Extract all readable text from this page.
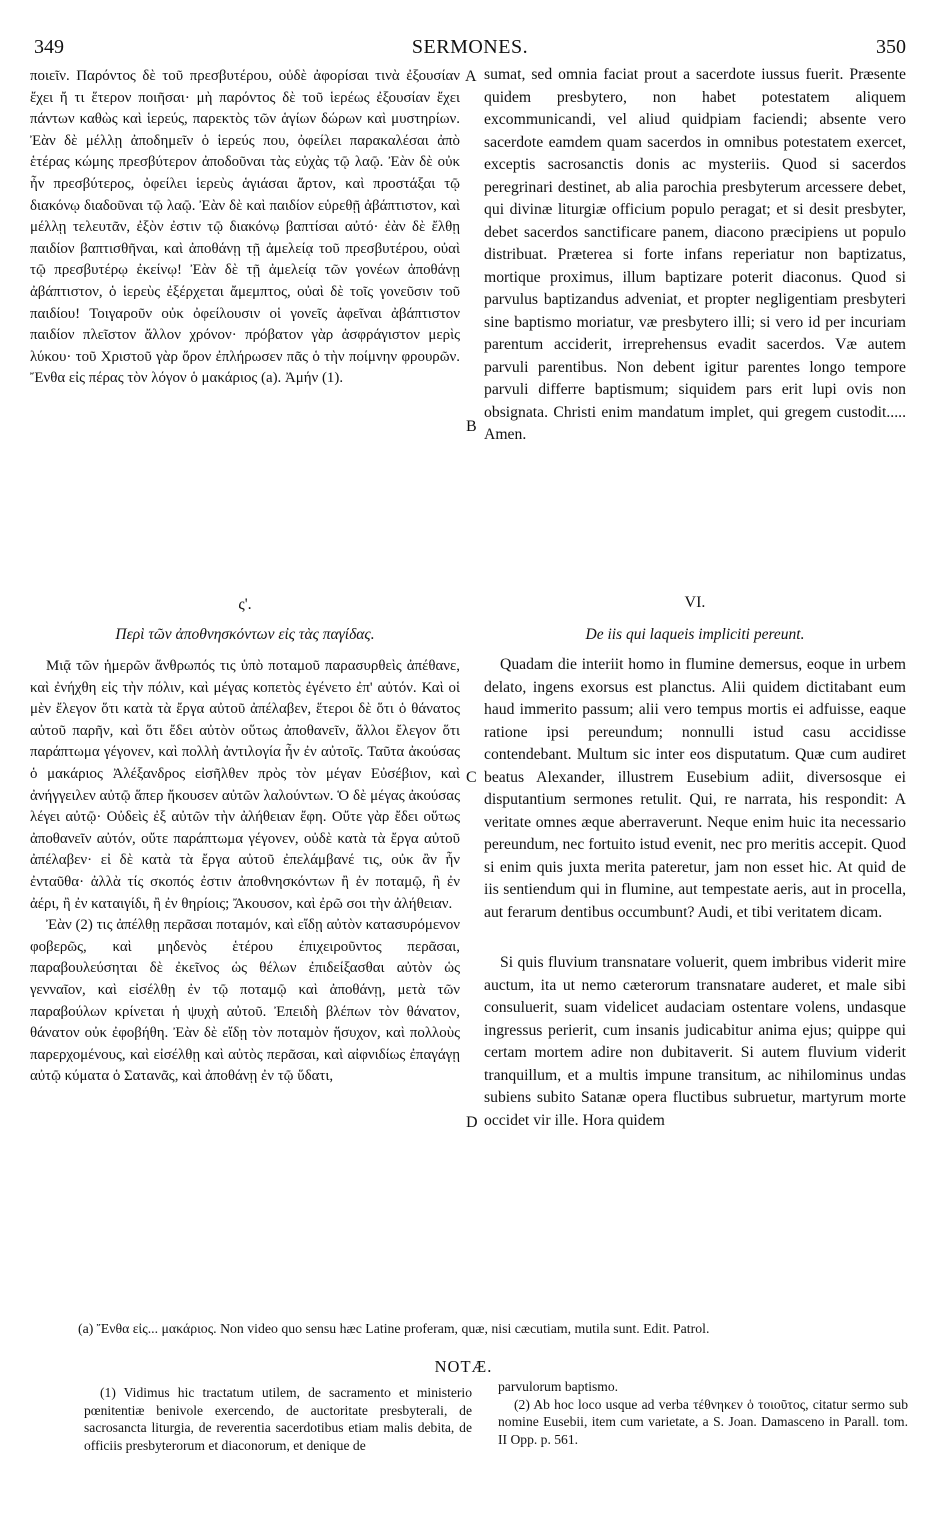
349	SERMONES.	350

ποιεῖν. Παρόντος δὲ τοῦ πρεσβυτέρου, οὐδὲ ἀφορίσαι τινὰ ἐξουσίαν ἔχει ἤ τι ἕτερον ποιῆσαι· μὴ παρόντος δὲ τοῦ ἱερέως ἐξουσίαν ἔχει πάντων καθὼς καὶ ἱερεύς, παρεκτὸς τῶν ἁγίων δώρων καὶ μυστηρίων. Ἐὰν δὲ μέλλῃ ἀποδημεῖν ὁ ἱερεύς που, ὀφείλει παρακαλέσαι ἀπὸ ἑτέρας κώμης πρεσβύτερον ἀποδοῦναι τὰς εὐχὰς τῷ λαῷ. Ἐὰν δὲ οὐκ ἦν πρεσβύτερος, ὀφείλει ἱερεὺς ἁγιάσαι ἄρτον, καὶ προστάξαι τῷ διακόνῳ διαδοῦναι τῷ λαῷ. Ἐὰν δὲ καὶ παιδίον εὑρεθῇ ἀβάπτιστον, καὶ μέλλῃ τελευτᾶν, ἐξὸν ἐστιν τῷ διακόνῳ βαπτίσαι αὐτό· ἐὰν δὲ ἔλθῃ παιδίον βαπτισθῆναι, καὶ ἀποθάνῃ τῇ ἀμελείᾳ τοῦ πρεσβυτέρου, οὐαὶ τῷ πρεσβυτέρῳ ἐκείνῳ! Ἐὰν δὲ τῇ ἀμελείᾳ τῶν γονέων ἀποθάνῃ ἀβάπτιστον, ὁ ἱερεὺς ἐξέρχεται ἄμεμπτος, οὐαὶ δὲ τοῖς γονεῦσιν τοῦ παιδίου! Τοιγαροῦν οὐκ ὀφείλουσιν οἱ γονεῖς ἀφεῖναι ἀβάπτιστον παιδίον πλεῖστον ἄλλον χρόνον· πρόβατον γὰρ ἀσφράγιστον μερὶς λύκου· τοῦ Χριστοῦ γὰρ ὅρον ἐπλήρωσεν πᾶς ὁ τὴν ποίμνην φρουρῶν. Ἔνθα εἰς πέρας τὸν λόγον ὁ μακάριος (a). Ἀμήν (1).

sumat, sed omnia faciat prout a sacerdote iussus fuerit. Præsente quidem presbytero, non habet potestatem aliquem excommunicandi, vel aliud quidpiam faciendi; absente vero sacerdote eamdem quam sacerdos in omnibus potestatem exercet, exceptis sacrosanctis donis ac mysteriis. Quod si sacerdos peregrinari destinet, ab alia parochia presbyterum arcessere debet, qui divinæ liturgiæ officium populo peragat; et si desit presbyter, debet sacerdos sanctificare panem, diacono præcipiens ut populo distribuat. Præterea si forte infans reperiatur non baptizatus, mortique proximus, illum baptizare poterit diaconus. Quod si parvulus baptizandus adveniat, et propter negligentiam presbyteri sine baptismo moriatur, væ presbytero illi; si vero id per incuriam parentum acciderit, irreprehensus evadit sacerdos. Væ autem parvuli parentibus. Non debent igitur parentes longo tempore parvuli differre baptismum; siquidem pars erit lupi ovis non obsignata. Christi enim mandatum implet, qui gregem custodit..... Amen.

A
B
C
D
ς'.	VI.
Περὶ τῶν ἀποθνησκόντων εἰς τὰς παγίδας.	De iis qui laqueis impliciti pereunt.

Μιᾷ τῶν ἡμερῶν ἄνθρωπός τις ὑπὸ ποταμοῦ παρασυρθεὶς ἀπέθανε, καὶ ἐνήχθη εἰς τὴν πόλιν, καὶ μέγας κοπετὸς ἐγένετο ἐπ' αὐτόν. Καὶ οἱ μὲν ἔλεγον ὅτι κατὰ τὰ ἔργα αὐτοῦ ἀπέλαβεν, ἕτεροι δὲ ὅτι ὁ θάνατος αὐτοῦ παρῆν, καὶ ὅτι ἔδει αὐτὸν οὕτως ἀποθανεῖν, ἄλλοι ἔλεγον ὅτι παράπτωμα γέγονεν, καὶ πολλὴ ἀντιλογία ἦν ἐν αὐτοῖς. Ταῦτα ἀκούσας ὁ μακάριος Ἀλέξανδρος εἰσῆλθεν πρὸς τὸν μέγαν Εὐσέβιον, καὶ ἀνήγγειλεν αὐτῷ ἅπερ ἤκουσεν αὐτῶν λαλούντων. Ὁ δὲ μέγας ἀκούσας λέγει αὐτῷ· Οὐδεὶς ἐξ αὐτῶν τὴν ἀλήθειαν ἔφη. Οὔτε γὰρ ἔδει οὕτως ἀποθανεῖν αὐτόν, οὔτε παράπτωμα γέγονεν, οὐδὲ κατὰ τὰ ἔργα αὐτοῦ ἀπέλαβεν· εἰ δὲ κατὰ τὰ ἔργα αὐτοῦ ἐπελάμβανέ τις, οὐκ ἂν ἦν ἐνταῦθα· ἀλλὰ τίς σκοπός ἐστιν ἀποθνησκόντων ἢ ἐν ποταμῷ, ἢ ἐν ἀέρι, ἢ ἐν καταιγίδι, ἢ ἐν θηρίοις; Ἄκουσον, καὶ ἐρῶ σοι τὴν ἀλήθειαν.

Ἐὰν (2) τις ἀπέλθῃ περᾶσαι ποταμόν, καὶ εἴδῃ αὐτὸν κατασυρόμενον φοβερῶς, καὶ μηδενὸς ἑτέρου ἐπιχειροῦντος περᾶσαι, παραβουλεύσηται δὲ ἐκεῖνος ὡς θέλων ἐπιδείξασθαι αὐτὸν ὡς γενναῖον, καὶ εἰσέλθῃ ἐν τῷ ποταμῷ καὶ ἀποθάνῃ, μετὰ τῶν παραβούλων κρίνεται ἡ ψυχὴ αὐτοῦ. Ἐπειδὴ βλέπων τὸν θάνατον, θάνατον οὐκ ἐφοβήθη. Ἐὰν δὲ εἴδῃ τὸν ποταμὸν ἥσυχον, καὶ πολλοὺς παρερχομένους, καὶ εἰσέλθῃ καὶ αὐτὸς περᾶσαι, καὶ αἰφνιδίως ἐπαγάγῃ αὐτῷ κύματα ὁ Σατανᾶς, καὶ ἀποθάνῃ ἐν τῷ ὕδατι,

Quadam die interiit homo in flumine demersus, eoque in urbem delato, ingens exorsus est planctus. Alii quidem dictitabant eum haud immerito passum; alii vero tempus mortis ei adfuisse, eaque ratione ipsi pereundum; nonnulli istud casu accidisse contendebant. Multum sic inter eos disputatum. Quæ cum audiret beatus Alexander, illustrem Eusebium adiit, diversosque ei disputantium sermones retulit. Qui, re narrata, his respondit: A veritate omnes æque aberraverunt. Neque enim huic ita necessario pereundum, nec fortuito istud evenit, nec pro meritis accepit. Quod si enim quis juxta merita pateretur, jam non esset hic. At quid de iis sentiendum qui in flumine, aut tempestate aeris, aut in procella, aut ferarum dentibus occumbunt? Audi, et tibi veritatem dicam.

Si quis fluvium transnatare voluerit, quem imbribus viderit mire auctum, ita ut nemo cæterorum transnatare auderet, et male sibi consuluerit, suam videlicet audaciam ostentare volens, undasque ingressus perierit, cum insanis judicabitur anima ejus; quippe qui certam mortem adire non dubitaverit. Si autem fluvium viderit tranquillum, et a multis impune transitum, ac nihilominus undas subiens subito Satanæ opera fluctibus subruetur, martyrum morte occidet vir ille. Hora quidem

(a) Ἔνθα εἰς... μακάριος. Non video quo sensu hæc Latine proferam, quæ, nisi cæcutiam, mutila sunt. Edit. Patrol.
NOTÆ.

(1) Vidimus hic tractatum utilem, de sacramento et ministerio pœnitentiæ benivole exercendo, de auctoritate presbyterali, de sacrosancta liturgia, de reverentia sacerdotibus etiam malis debita, de officiis presbyterorum et diaconorum, et denique de

parvulorum baptismo.

(2) Ab hoc loco usque ad verba τέθνηκεν ὁ τοιοῦτος, citatur sermo sub nomine Eusebii, item cum varietate, a S. Joan. Damasceno in Parall. tom. II Opp. p. 561.
